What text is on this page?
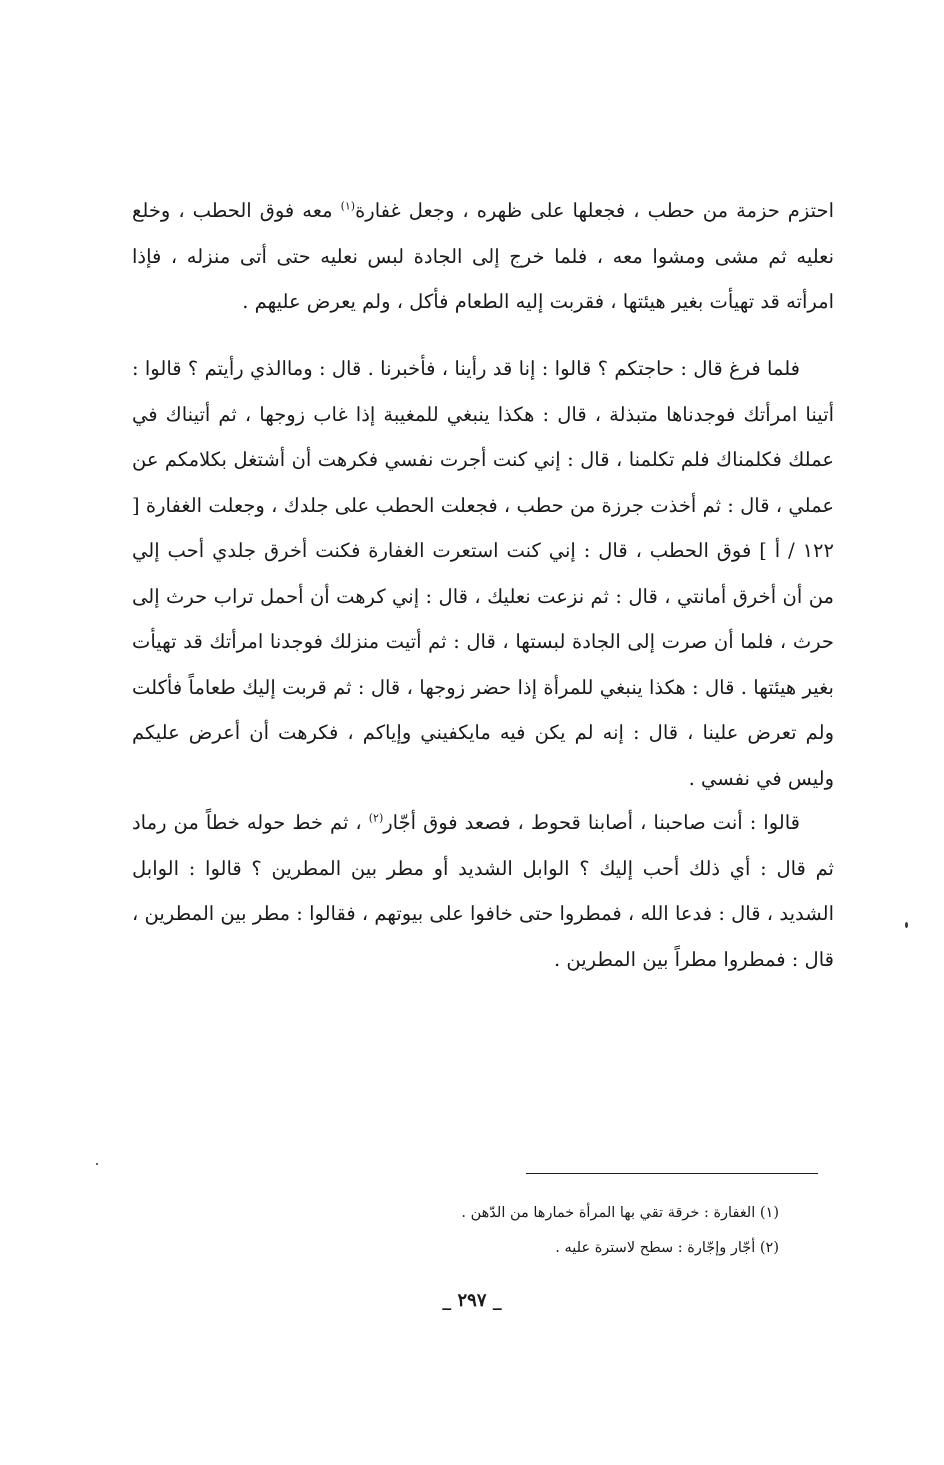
احتزم حزمة من حطب ، فجعلها على ظهره ، وجعل غفارة$^{(١)}$ معه فوق الحطب ، وخلع نعليه ثم مشى ومشوا معه ، فلما خرج إلى الجادة لبس نعليه حتى أتى منزله ، فإذا امرأته قد تهيأت بغير هيئتها ، فقربت إليه الطعام فأكل ، ولم يعرض عليهم .

فلما فرغ قال : حاجتكم ؟ قالوا : إنا قد رأينا ، فأخبرنا . قال : وماالذي رأيتم ؟ قالوا : أتينا امرأتك فوجدناها متبذلة ، قال : هكذا ينبغي للمغيبة إذا غاب زوجها ، ثم أتيناك في عملك فكلمناك فلم تكلمنا ، قال : إني كنت أجرت نفسي فكرهت أن أشتغل بكلامكم عن عملي ، قال : ثم أخذت جرزة من حطب ، فجعلت الحطب على جلدك ، وجعلت الغفارة [ ١٢٢ / أ ] فوق الحطب ، قال : إني كنت استعرت الغفارة فكنت أخرق جلدي أحب إلي من أن أخرق أمانتي ، قال : ثم نزعت نعليك ، قال : إني كرهت أن أحمل تراب حرث إلى حرث ، فلما أن صرت إلى الجادة لبستها ، قال : ثم أتيت منزلك فوجدنا امرأتك قد تهيأت بغير هيئتها . قال : هكذا ينبغي للمرأة إذا حضر زوجها ، قال : ثم قربت إليك طعاماً فأكلت ولم تعرض علينا ، قال : إنه لم يكن فيه مايكفيني وإياكم ، فكرهت أن أعرض عليكم وليس في نفسي .

قالوا : أنت صاحبنا ، أصابنا قحوط ، فصعد فوق أجّار$^{(٢)}$ ، ثم خط حوله خطاً من رماد ثم قال : أي ذلك أحب إليك ؟ الوابل الشديد أو مطر بين المطرين ؟ قالوا : الوابل الشديد ، قال : فدعا الله ، فمطروا حتى خافوا على بيوتهم ، فقالوا : مطر بين المطرين ، قال : فمطروا مطراً بين المطرين .

(١) الغفارة : خرقة تقي بها المرأة خمارها من الدّهن .

(٢) أجّار وإجّارة : سطح لاسترة عليه .

_ ٢٩٧ _
